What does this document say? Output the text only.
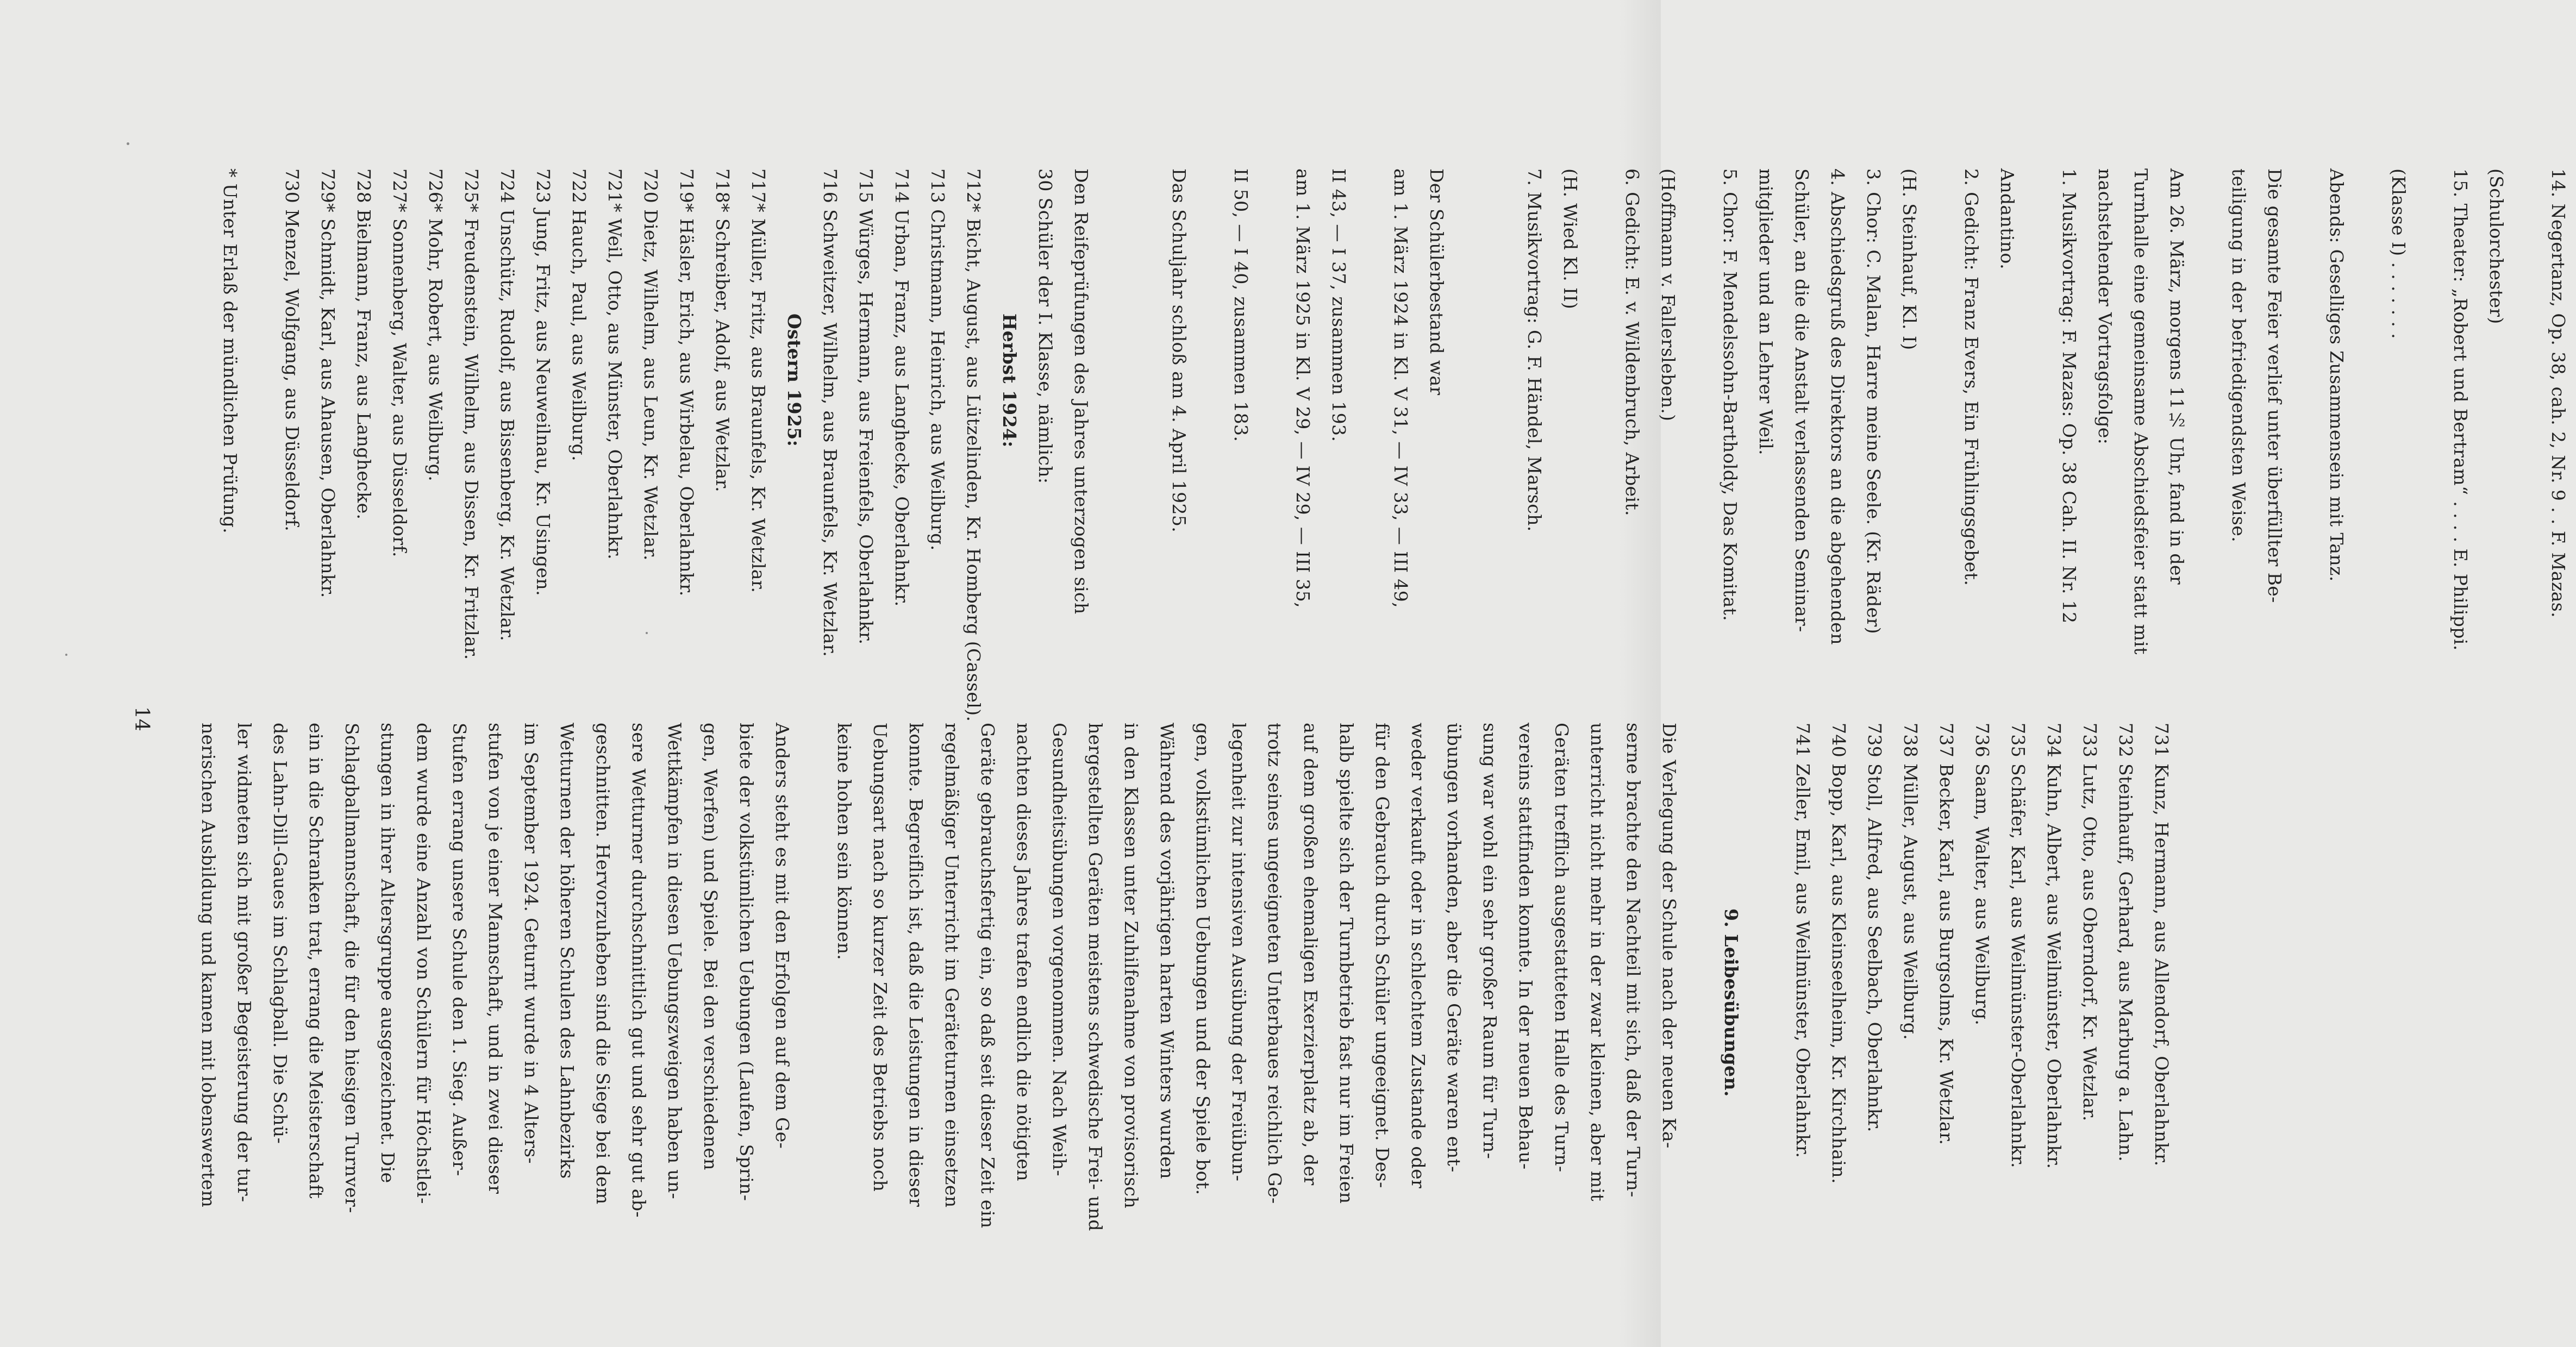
731 Kunz, Hermann, aus Allendorf, Oberlahnkr.
732 Steinhauff, Gerhard, aus Marburg a. Lahn.
733 Lutz, Otto, aus Oberndorf, Kr. Wetzlar.
734 Kuhn, Albert, aus Weilmünster, Oberlahnkr.
735 Schäfer, Karl, aus Weilmünster-Oberlahnkr.
736 Saam, Walter, aus Weilburg.
737 Becker, Karl, aus Burgsolms, Kr. Wetzlar.
738 Müller, August, aus Weilburg.
739 Stoll, Alfred, aus Seelbach, Oberlahnkr.
740 Bopp, Karl, aus Kleinseelheim, Kr. Kirchhain.
741 Zeller, Emil, aus Weilmünster, Oberlahnkr.

9. Leibesübungen.
Die Verlegung der Schule nach der neuen Ka-
serne brachte den Nachteil mit sich, daß der Turn-
unterricht nicht mehr in der zwar kleinen, aber mit
Geräten trefflich ausgestatteten Halle des Turn-
vereins stattfinden konnte. In der neuen Behau-
sung war wohl ein sehr großer Raum für Turn-
übungen vorhanden, aber die Geräte waren ent-
weder verkauft oder in schlechtem Zustande oder
für den Gebrauch durch Schüler ungeeignet. Des-
halb spielte sich der Turnbetrieb fast nur im Freien
auf dem großen ehemaligen Exerzierplatz ab, der
trotz seines ungeeigneten Unterbaues reichlich Ge-
legenheit zur intensiven Ausübung der Freiübun-
gen, volkstümlichen Uebungen und der Spiele bot.
Während des vorjährigen harten Winters wurden
in den Klassen unter Zuhilfenahme von provisorisch
hergestellten Geräten meistens schwedische Frei- und
Gesundheitsübungen vorgenommen. Nach Weih-
nachten dieses Jahres trafen endlich die nötigten
Geräte gebrauchsfertig ein, so daß seit dieser Zeit ein
regelmäßiger Unterricht im Geräteturnen einsetzen
konnte. Begreiflich ist, daß die Leistungen in dieser
Uebungsart nach so kurzer Zeit des Betriebs noch
keine hohen sein können.
Anders steht es mit den Erfolgen auf dem Ge-
biete der volkstümlichen Uebungen (Laufen, Sprin-
gen, Werfen) und Spiele. Bei den verschiedenen
Wettkämpfen in diesen Uebungszweigen haben un-
sere Wetturner durchschnittlich gut und sehr gut ab-
geschnitten. Hervorzuheben sind die Siege bei dem
Wetturnen der höheren Schulen des Lahnbezirks
im September 1924. Geturnt wurde in 4 Alters-
stufen von je einer Mannschaft, und in zwei dieser
Stufen errang unsere Schule den 1. Sieg. Außer-
dem wurde eine Anzahl von Schülern für Höchstlei-
stungen in ihrer Altersgruppe ausgezeichnet. Die
Schlagballmannschaft, die für den hiesigen Turnver-
ein in die Schranken trat, errang die Meisterschaft
des Lahn-Dill-Gaues im Schlagball. Die Schü-
ler widmeten sich mit großer Begeisterung der tur-
nerischen Ausbildung und kamen mit lobenswertem
14
14. Negertanz, Op. 38, cah. 2, Nr. 9 . . F. Mazas.
(Schulorchester)
15. Theater: „Robert und Bertram“ . . . . E. Philippi.
(Klasse I) . . . . . . .
Abends: Geselliges Zusammensein mit Tanz.
Die gesamte Feier verlief unter überfüllter Be-
teiligung in der befriedigendsten Weise.
Am 26. März, morgens 11½ Uhr, fand in der
Turnhalle eine gemeinsame Abschiedsfeier statt mit
nachstehender Vortragsfolge:
1. Musikvortrag: F. Mazas: Op. 38 Cah. II. Nr. 12
Andantino.
2. Gedicht: Franz Evers, Ein Frühlingsgebet.
(H. Steinhauf, Kl. I)
3. Chor: C. Malan, Harre meine Seele. (Kr. Räder)
4. Abschiedsgruß des Direktors an die abgehenden
Schüler, an die die Anstalt verlassenden Seminar-
mitglieder und an Lehrer Weil.
5. Chor: F. Mendelssohn-Bartholdy, Das Komitat.
(Hoffmann v. Fallersleben.)
6. Gedicht: E. v. Wildenbruch, Arbeit.
(H. Wied Kl. II)
7. Musikvortrag: G. F. Händel, Marsch.

Der Schülerbestand war
am 1. März 1924 in Kl. V 31, — IV 33, — III 49,
II 43, — I 37, zusammen 193.
am 1. März 1925 in Kl. V 29, — IV 29, — III 35,
II 50, — I 40, zusammen 183.
Das Schuljahr schloß am 4. April 1925.

Den Reifeprüfungen des Jahres unterzogen sich
30 Schüler der I. Klasse, nämlich:
Herbst 1924:
712* Bicht, August, aus Lützelinden, Kr. Homberg (Cassel).
713 Christmann, Heinrich, aus Weilburg.
714 Urban, Franz, aus Langhecke, Oberlahnkr.
715 Würges, Hermann, aus Freienfels, Oberlahnkr.
716 Schweitzer, Wilhelm, aus Braunfels, Kr. Wetzlar.
Ostern 1925:
717* Müller, Fritz, aus Braunfels, Kr. Wetzlar.
718* Schreiber, Adolf, aus Wetzlar.
719* Häsler, Erich, aus Wirbelau, Oberlahnkr.
720 Dietz, Wilhelm, aus Leun, Kr. Wetzlar.
721* Weil, Otto, aus Münster, Oberlahnkr.
722 Hauch, Paul, aus Weilburg.
723 Jung, Fritz, aus Neuweilnau, Kr. Usingen.
724 Unschütz, Rudolf, aus Bissenberg, Kr. Wetzlar.
725* Freudenstein, Wilhelm, aus Dissen, Kr. Fritzlar.
726* Mohr, Robert, aus Weilburg.
727* Sonnenberg, Walter, aus Düsseldorf.
728 Bielmann, Franz, aus Langhecke.
729* Schmidt, Karl, aus Ahausen, Oberlahnkr.
730 Menzel, Wolfgang, aus Düsseldorf.
* Unter Erlaß der mündlichen Prüfung.
